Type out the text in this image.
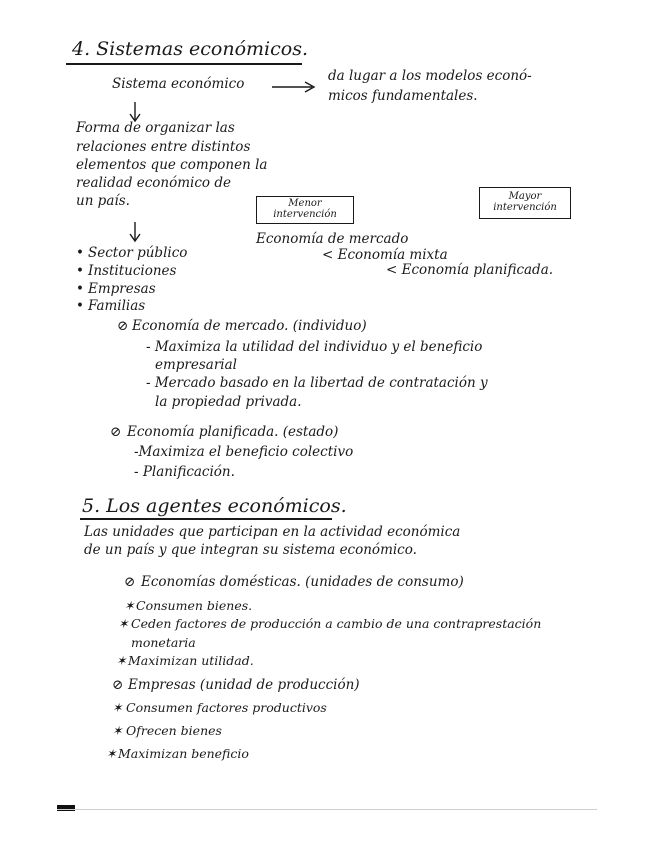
4. Sistemas económicos.
Sistema económico	da lugar a los modelos econó-
micos fundamentales.
Forma de organizar las
relaciones entre distintos
elementos que componen la
realidad económico de
un país.	Menor intervención
Mayor intervención
Economía de mercado
< Economía mixta
< Economía planificada.
• Sector público
• Instituciones
• Empresas
• Familias
⊘ Economía de mercado. (individuo)
- Maximiza la utilidad del individuo y el beneficio
empresarial
- Mercado basado en la libertad de contratación y
la propiedad privada.
⊘ Economía planificada. (estado)
-Maximiza el beneficio colectivo
- Planificación.
5. Los agentes económicos.
Las unidades que participan en la actividad económica
de un país y que integran su sistema económico.
⊘ Economías domésticas. (unidades de consumo)
✶ Consumen bienes.
✶ Ceden factores de producción a cambio de una contraprestación
monetaria
✶ Maximizan utilidad.
⊘ Empresas (unidad de producción)
✶ Consumen factores productivos
✶ Ofrecen bienes
✶ Maximizan beneficio
